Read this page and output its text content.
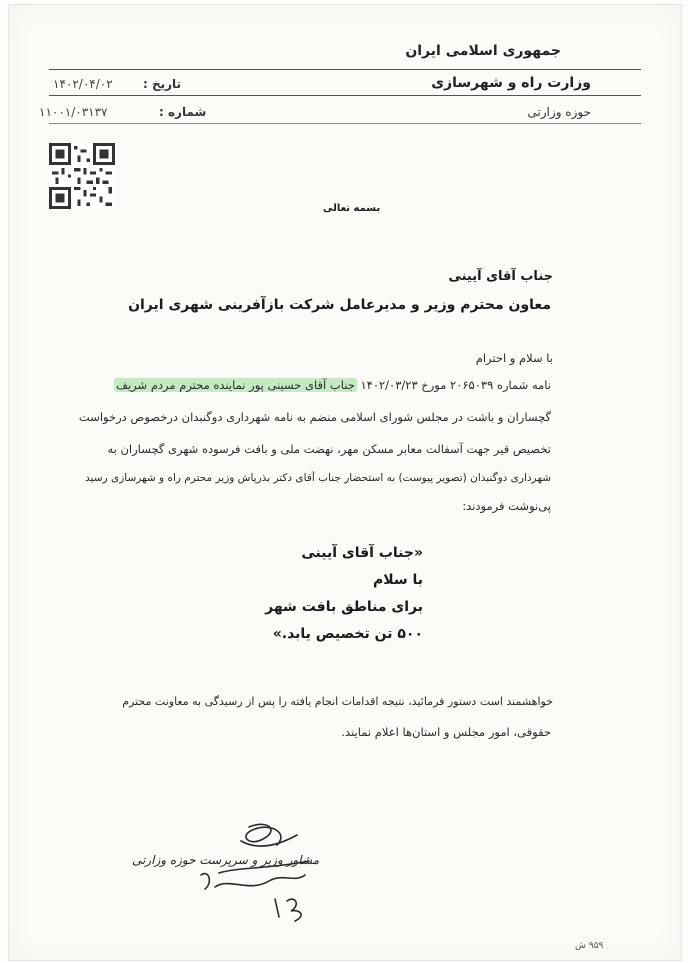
جمهوری اسلامی ایران
وزارت راه و شهرسازی
تاریخ :
۱۴۰۲/۰۴/۰۲
حوزه وزارتی
شماره :
۱۱۰۰۱/۰۳۱۳۷
بسمه تعالی
جناب آقای آیینی
معاون محترم وزیر و مدیرعامل شرکت بازآفرینی شهری ایران
با سلام و احترام
نامه شماره ۲۰۶۵۰۳۹ مورخ ۱۴۰۲/۰۳/۲۳ جناب آقای حسینی پور نماینده محترم مردم شریف
گچساران و باشت در مجلس شورای اسلامی منضم به نامه شهرداری دوگنبدان درخصوص درخواست
تخصیص قیر جهت آسفالت معابر مسکن مهر، نهضت ملی و بافت فرسوده شهری گچساران به
شهرداری دوگنبدان (تصویر پیوست) به استحضار جناب آقای دکتر بذرپاش وزیر محترم راه و شهرسازی رسید
پی‌نوشت فرمودند:
«جناب آقای آیینی
با سلام
برای مناطق بافت شهر
۵۰۰ تن تخصیص یابد.»
خواهشمند است دستور فرمائید، نتیجه اقدامات انجام یافته را پس از رسیدگی به معاونت محترم
حقوقی، امور مجلس و استان‌ها اعلام نمایند.
مشاور وزیر و سرپرست حوزه وزارتی
۹۵۹ ش
